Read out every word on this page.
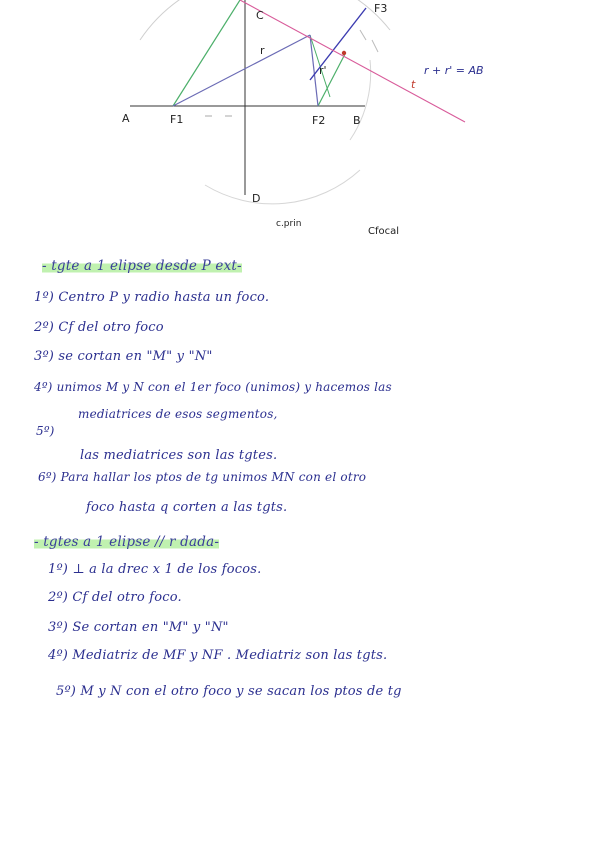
A	F1	F2	B
C
D
r
r'
F3
t
r + r' = AB
c.prin
Cfocal
- tgte a 1 elipse desde P ext-
1º) Centro P y radio hasta un foco.
2º) Cf del otro foco
3º) se cortan en "M" y "N"
4º) unimos M y N con el 1er foco (unimos) y hacemos las
mediatrices de esos segmentos,
5º)
las mediatrices son las tgtes.
6º) Para hallar los ptos de tg unimos MN con el otro
foco hasta q corten a las tgts.
- tgtes a 1 elipse // r dada-
1º) ⊥ a la drec x 1 de los focos.
2º) Cf del otro foco.
3º) Se cortan en "M" y "N"
4º) Mediatriz de MF y NF . Mediatriz son las tgts.
5º) M y N con el otro foco y se sacan los ptos de tg
